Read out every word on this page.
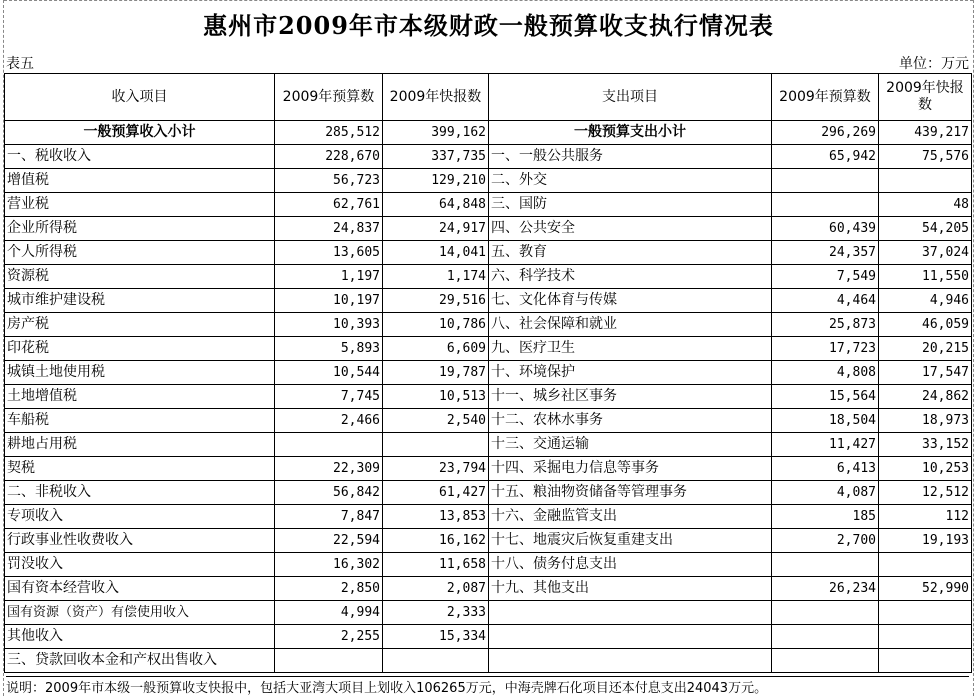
惠州市2009年市本级财政一般预算收支执行情况表
表五	单位：万元
收入项目	2009年预算数	2009年快报数	支出项目	2009年预算数	2009年快报数
一般预算收入小计	285,512	399,162	一般预算支出小计	296,269	439,217
一、税收收入	228,670	337,735	一、一般公共服务	65,942	75,576
增值税	56,723	129,210	二、外交		
营业税	62,761	64,848	三、国防		48
企业所得税	24,837	24,917	四、公共安全	60,439	54,205
个人所得税	13,605	14,041	五、教育	24,357	37,024
资源税	1,197	1,174	六、科学技术	7,549	11,550
城市维护建设税	10,197	29,516	七、文化体育与传媒	4,464	4,946
房产税	10,393	10,786	八、社会保障和就业	25,873	46,059
印花税	5,893	6,609	九、医疗卫生	17,723	20,215
城镇土地使用税	10,544	19,787	十、环境保护	4,808	17,547
土地增值税	7,745	10,513	十一、城乡社区事务	15,564	24,862
车船税	2,466	2,540	十二、农林水事务	18,504	18,973
耕地占用税			十三、交通运输	11,427	33,152
契税	22,309	23,794	十四、采掘电力信息等事务	6,413	10,253
二、非税收入	56,842	61,427	十五、粮油物资储备等管理事务	4,087	12,512
专项收入	7,847	13,853	十六、金融监管支出	185	112
行政事业性收费收入	22,594	16,162	十七、地震灾后恢复重建支出	2,700	19,193
罚没收入	16,302	11,658	十八、债务付息支出		
国有资本经营收入	2,850	2,087	十九、其他支出	26,234	52,990
国有资源（资产）有偿使用收入	4,994	2,333			
其他收入	2,255	15,334			
三、贷款回收本金和产权出售收入					
说明：2009年市本级一般预算收支快报中，包括大亚湾大项目上划收入106265万元，中海壳牌石化项目还本付息支出24043万元。
